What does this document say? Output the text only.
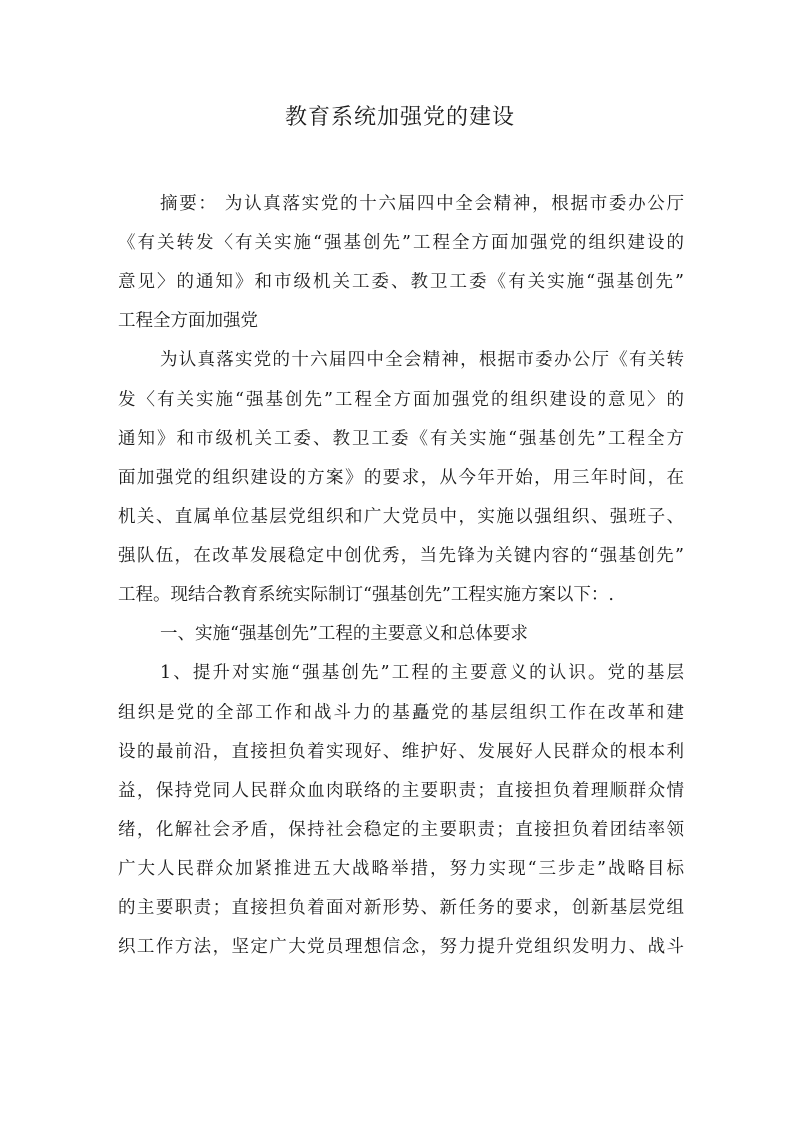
教育系统加强党的建设

摘要： 为认真落实党的十六届四中全会精神，根据市委办公厅

《有关转发〈有关实施“强基创先”工程全方面加强党的组织建设的

意见〉的通知》和市级机关工委、教卫工委《有关实施“强基创先”

工程全方面加强党

为认真落实党的十六届四中全会精神，根据市委办公厅《有关转

发〈有关实施“强基创先”工程全方面加强党的组织建设的意见〉的

通知》和市级机关工委、教卫工委《有关实施“强基创先”工程全方

面加强党的组织建设的方案》的要求，从今年开始，用三年时间，在

机关、直属单位基层党组织和广大党员中，实施以强组织、强班子、

强队伍，在改革发展稳定中创优秀，当先锋为关键内容的“强基创先”

工程。现结合教育系统实际制订“强基创先”工程实施方案以下：.

一、实施“强基创先”工程的主要意义和总体要求

1、提升对实施“强基创先”工程的主要意义的认识。党的基层

组织是党的全部工作和战斗力的基矗党的基层组织工作在改革和建

设的最前沿，直接担负着实现好、维护好、发展好人民群众的根本利

益，保持党同人民群众血肉联络的主要职责；直接担负着理顺群众情

绪，化解社会矛盾，保持社会稳定的主要职责；直接担负着团结率领

广大人民群众加紧推进五大战略举措，努力实现“三步走”战略目标

的主要职责；直接担负着面对新形势、新任务的要求，创新基层党组

织工作方法，坚定广大党员理想信念，努力提升党组织发明力、战斗
